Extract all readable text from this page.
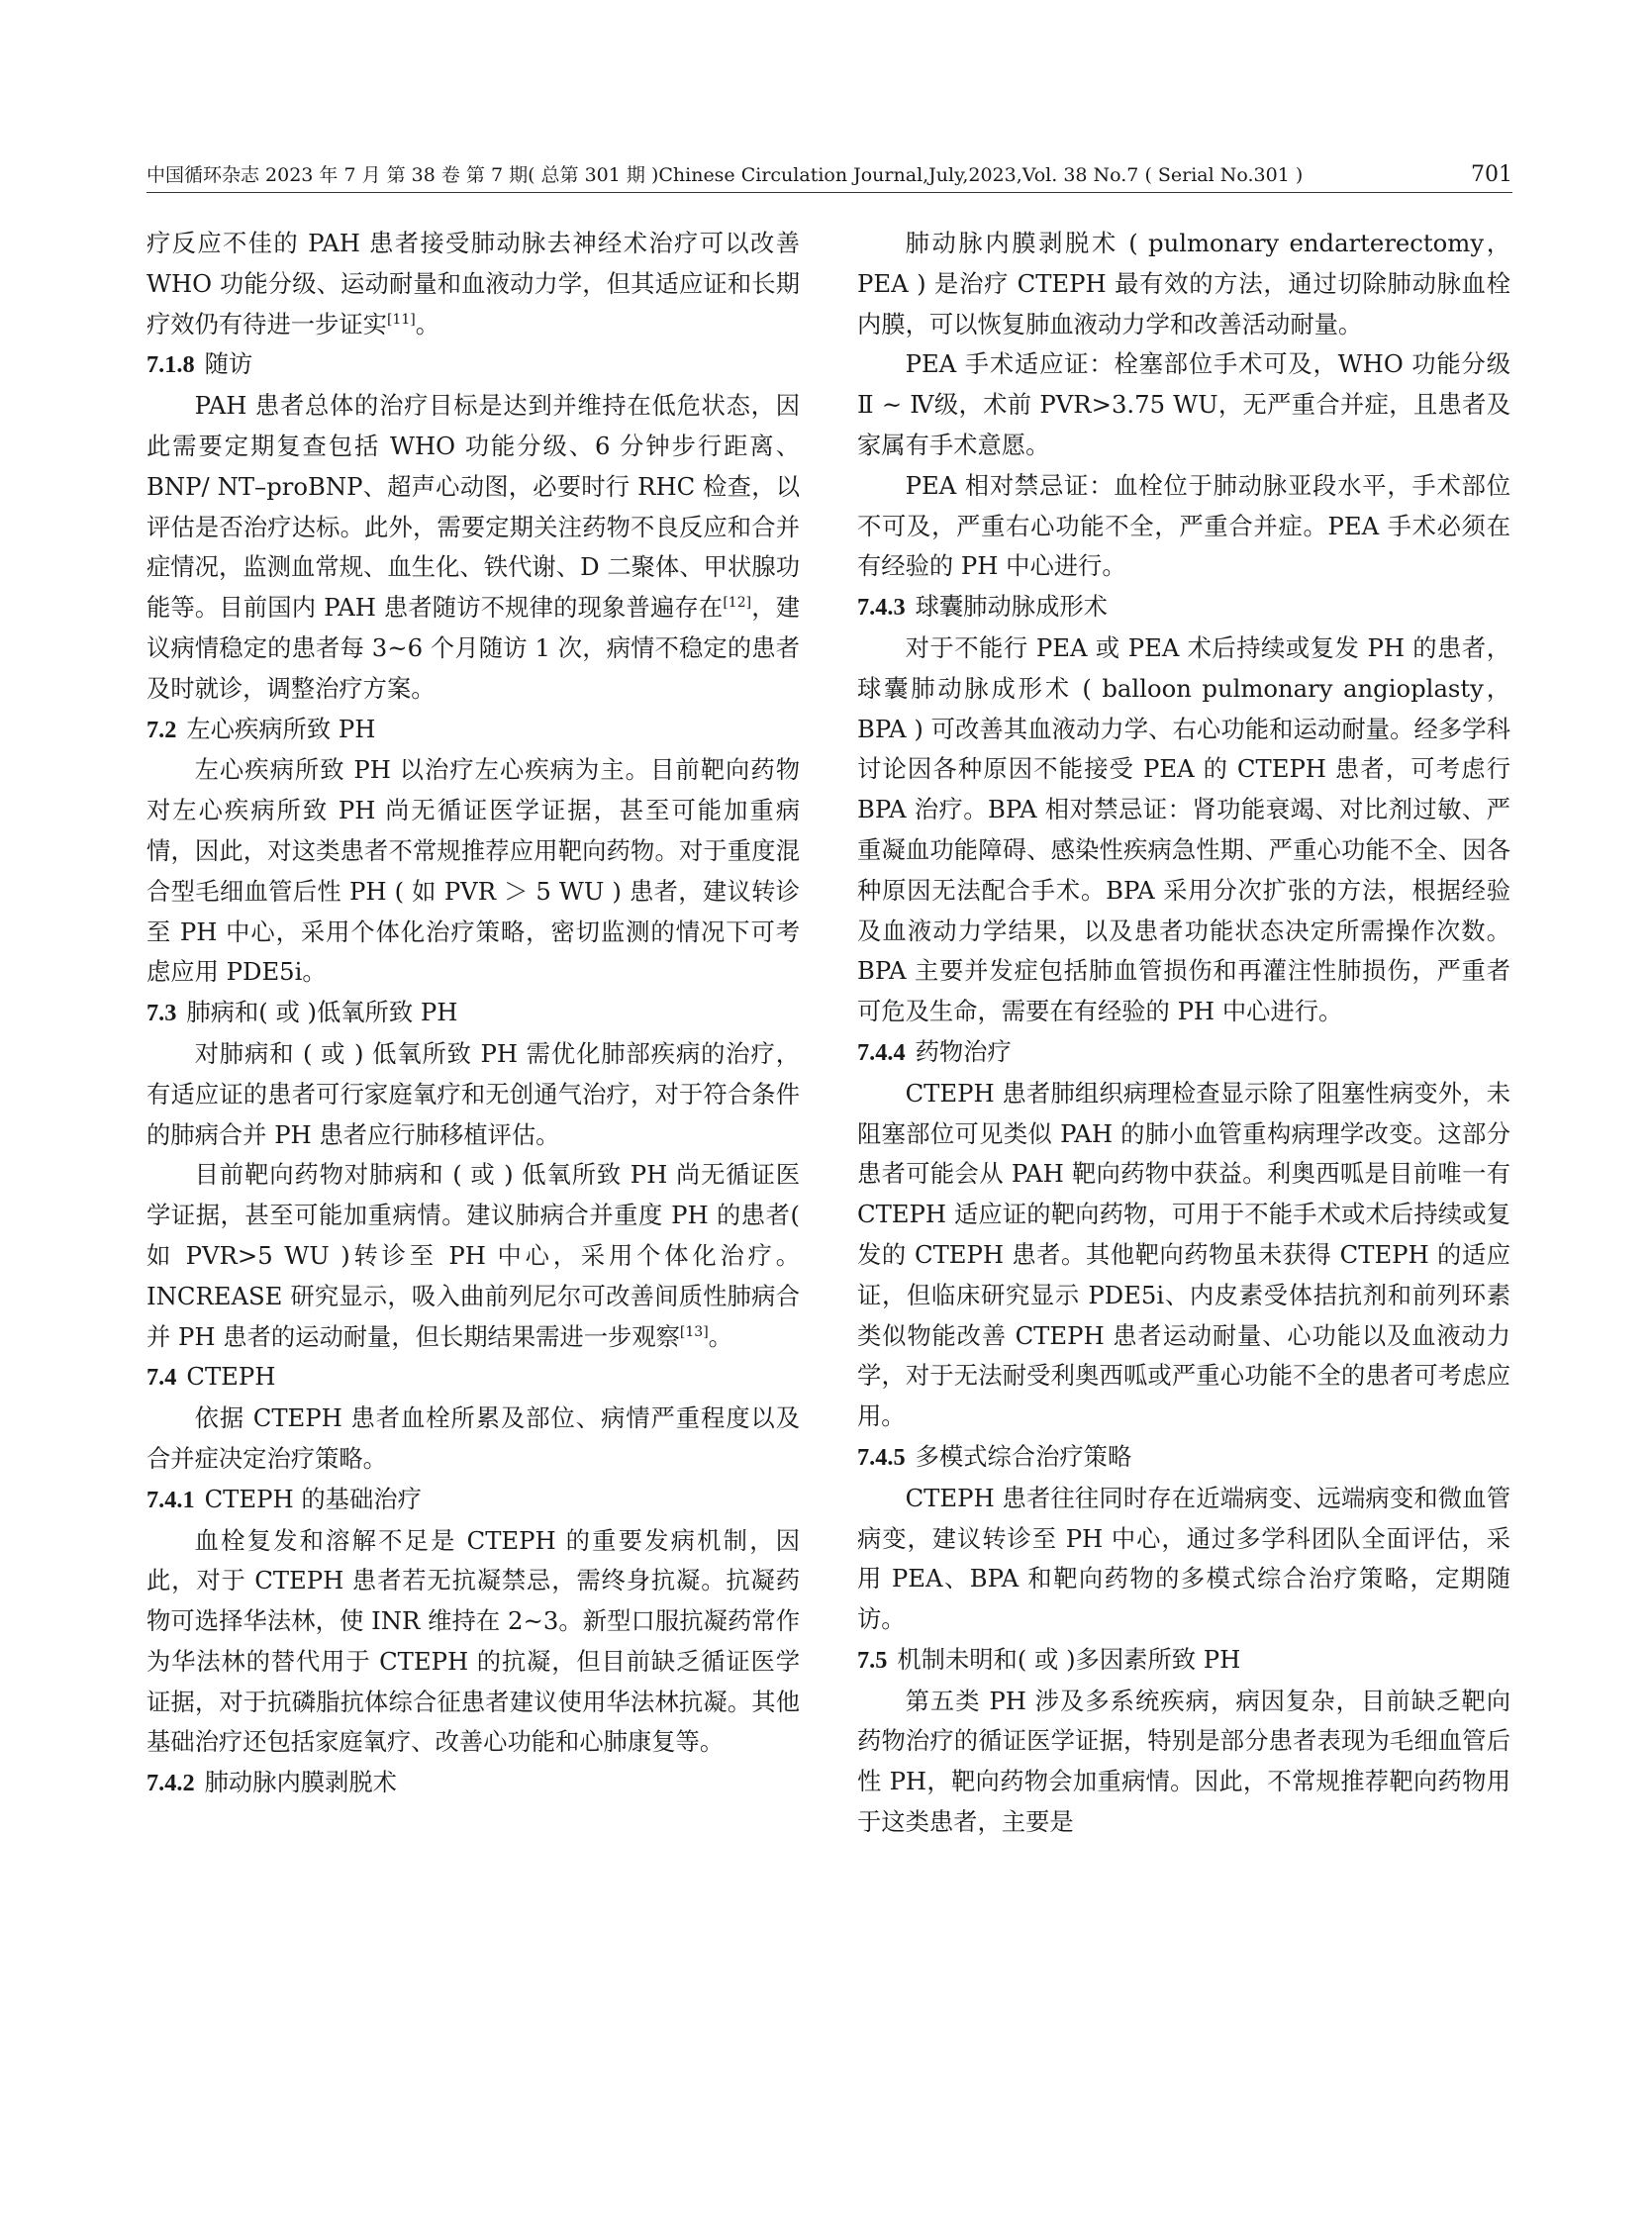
中国循环杂志 2023 年 7 月 第 38 卷 第 7 期( 总第 301 期 )Chinese Circulation Journal,July,2023,Vol. 38 No.7 ( Serial No.301 )	701

疗反应不佳的 PAH 患者接受肺动脉去神经术治疗可以改善 WHO 功能分级、运动耐量和血液动力学，但其适应证和长期疗效仍有待进一步证实[11]。

7.1.8 随访

PAH 患者总体的治疗目标是达到并维持在低危状态，因此需要定期复查包括 WHO 功能分级、6 分钟步行距离、BNP/ NT–proBNP、超声心动图，必要时行 RHC 检查，以评估是否治疗达标。此外，需要定期关注药物不良反应和合并症情况，监测血常规、血生化、铁代谢、D 二聚体、甲状腺功能等。目前国内 PAH 患者随访不规律的现象普遍存在[12]，建议病情稳定的患者每 3~6 个月随访 1 次，病情不稳定的患者及时就诊，调整治疗方案。

7.2 左心疾病所致 PH

左心疾病所致 PH 以治疗左心疾病为主。目前靶向药物对左心疾病所致 PH 尚无循证医学证据，甚至可能加重病情，因此，对这类患者不常规推荐应用靶向药物。对于重度混合型毛细血管后性 PH ( 如 PVR ＞ 5 WU ) 患者，建议转诊至 PH 中心，采用个体化治疗策略，密切监测的情况下可考虑应用 PDE5i。

7.3 肺病和( 或 )低氧所致 PH

对肺病和 ( 或 ) 低氧所致 PH 需优化肺部疾病的治疗，有适应证的患者可行家庭氧疗和无创通气治疗，对于符合条件的肺病合并 PH 患者应行肺移植评估。

目前靶向药物对肺病和 ( 或 ) 低氧所致 PH 尚无循证医学证据，甚至可能加重病情。建议肺病合并重度 PH 的患者( 如 PVR>5 WU )转诊至 PH 中心，采用个体化治疗。INCREASE 研究显示，吸入曲前列尼尔可改善间质性肺病合并 PH 患者的运动耐量，但长期结果需进一步观察[13]。

7.4 CTEPH

依据 CTEPH 患者血栓所累及部位、病情严重程度以及合并症决定治疗策略。

7.4.1 CTEPH 的基础治疗

血栓复发和溶解不足是 CTEPH 的重要发病机制，因此，对于 CTEPH 患者若无抗凝禁忌，需终身抗凝。抗凝药物可选择华法林，使 INR 维持在 2~3。新型口服抗凝药常作为华法林的替代用于 CTEPH 的抗凝，但目前缺乏循证医学证据，对于抗磷脂抗体综合征患者建议使用华法林抗凝。其他基础治疗还包括家庭氧疗、改善心功能和心肺康复等。

7.4.2 肺动脉内膜剥脱术

肺动脉内膜剥脱术 ( pulmonary endarterectomy，PEA ) 是治疗 CTEPH 最有效的方法，通过切除肺动脉血栓内膜，可以恢复肺血液动力学和改善活动耐量。

PEA 手术适应证：栓塞部位手术可及，WHO 功能分级 Ⅱ ~ Ⅳ级，术前 PVR>3.75 WU，无严重合并症，且患者及家属有手术意愿。

PEA 相对禁忌证：血栓位于肺动脉亚段水平，手术部位不可及，严重右心功能不全，严重合并症。PEA 手术必须在有经验的 PH 中心进行。

7.4.3 球囊肺动脉成形术

对于不能行 PEA 或 PEA 术后持续或复发 PH 的患者，球囊肺动脉成形术 ( balloon pulmonary angioplasty，BPA ) 可改善其血液动力学、右心功能和运动耐量。经多学科讨论因各种原因不能接受 PEA 的 CTEPH 患者，可考虑行 BPA 治疗。BPA 相对禁忌证：肾功能衰竭、对比剂过敏、严重凝血功能障碍、感染性疾病急性期、严重心功能不全、因各种原因无法配合手术。BPA 采用分次扩张的方法，根据经验及血液动力学结果，以及患者功能状态决定所需操作次数。BPA 主要并发症包括肺血管损伤和再灌注性肺损伤，严重者可危及生命，需要在有经验的 PH 中心进行。

7.4.4 药物治疗

CTEPH 患者肺组织病理检查显示除了阻塞性病变外，未阻塞部位可见类似 PAH 的肺小血管重构病理学改变。这部分患者可能会从 PAH 靶向药物中获益。利奥西呱是目前唯一有 CTEPH 适应证的靶向药物，可用于不能手术或术后持续或复发的 CTEPH 患者。其他靶向药物虽未获得 CTEPH 的适应证，但临床研究显示 PDE5i、内皮素受体拮抗剂和前列环素类似物能改善 CTEPH 患者运动耐量、心功能以及血液动力学，对于无法耐受利奥西呱或严重心功能不全的患者可考虑应用。

7.4.5 多模式综合治疗策略

CTEPH 患者往往同时存在近端病变、远端病变和微血管病变，建议转诊至 PH 中心，通过多学科团队全面评估，采用 PEA、BPA 和靶向药物的多模式综合治疗策略，定期随访。

7.5 机制未明和( 或 )多因素所致 PH

第五类 PH 涉及多系统疾病，病因复杂，目前缺乏靶向药物治疗的循证医学证据，特别是部分患者表现为毛细血管后性 PH，靶向药物会加重病情。因此，不常规推荐靶向药物用于这类患者，主要是
